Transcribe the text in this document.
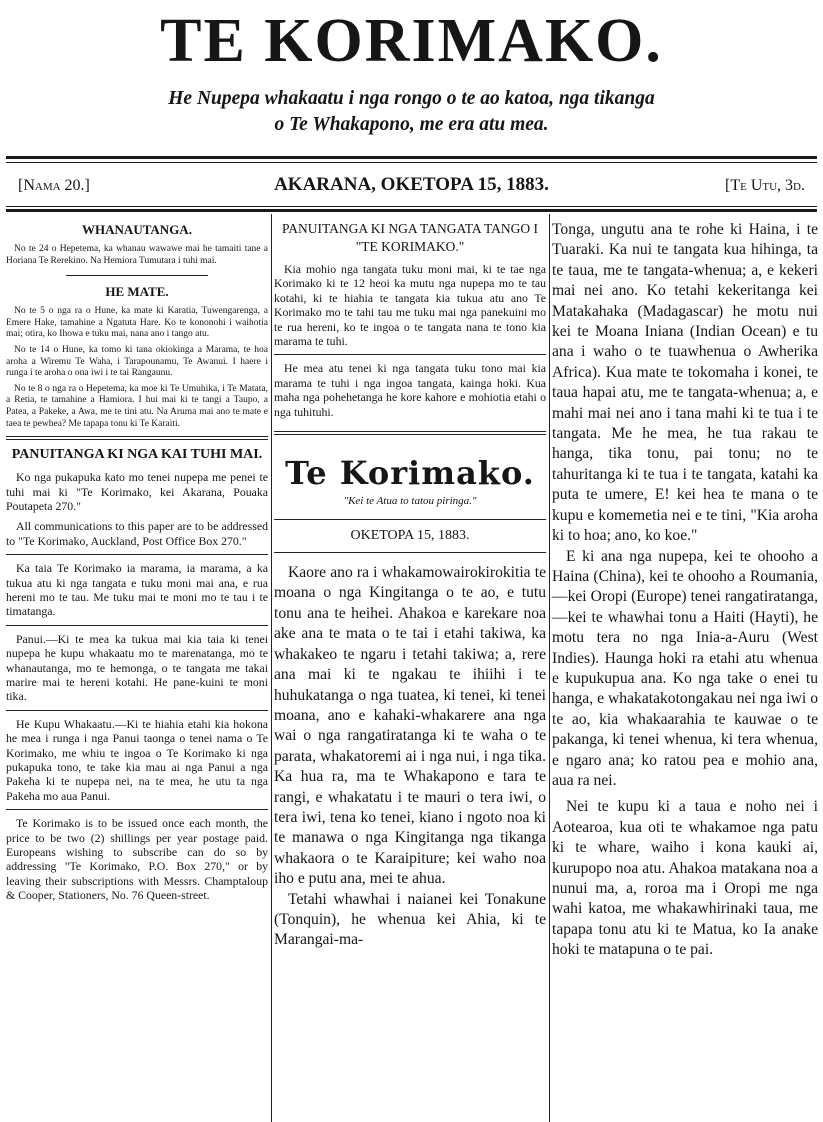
TE KORIMAKO.
He Nupepa whakaatu i nga rongo o te ao katoa, nga tikanga
o Te Whakapono, me era atu mea.
[Nama 20.]	AKARANA, OKETOPA 15, 1883.	[Te Utu, 3d.

WHANAUTANGA.

No te 24 o Hepetema, ka whanau wawawe mai he tamaiti tane a Horiana Te Rerekino. Na Hemiora Tumutara i tuhi mai.

HE MATE.

No te 5 o nga ra o Hune, ka mate ki Karatia, Tuwengarenga, a Emere Hake, tamahine a Ngatuta Hare. Ko te kononohi i waihotia mai; otira, ko Ihowa e tuku mai, nana ano i tango atu.

No te 14 o Hune, ka tomo ki tana okiokinga a Marama, te hoa aroha a Wiremu Te Waha, i Tarapounamu, Te Awanui. I haere i runga i te aroha o ona iwi i te tai Rangaunu.

No te 8 o nga ra o Hepetema, ka moe ki Te Umuhika, i Te Matata, a Retia, te tamahine a Hamiora. I hui mai ki te tangi a Taupo, a Patea, a Pakeke, a Awa, me te tini atu. Na Aruma mai ano te mate e taea te pewhea? Me tapapa tonu ki Te Karaiti.

PANUITANGA KI NGA KAI TUHI MAI.

Ko nga pukapuka kato mo tenei nupepa me penei te tuhi mai ki "Te Korimako, kei Akarana, Pouaka Poutapeta 270."

All communications to this paper are to be addressed to "Te Korimako, Auckland, Post Office Box 270."

Ka taia Te Korimako ia marama, ia marama, a ka tukua atu ki nga tangata e tuku moni mai ana, e rua hereni mo te tau. Me tuku mai te moni mo te tau i te timatanga.

Panui.—Ki te mea ka tukua mai kia taia ki tenei nupepa he kupu whakaatu mo te marenatanga, mo te whanautanga, mo te hemonga, o te tangata me takai marire mai te hereni kotahi. He pane-kuini te moni tika.

He Kupu Whakaatu.—Ki te hiahia etahi kia hokona he mea i runga i nga Panui taonga o tenei nama o Te Korimako, me whiu te ingoa o Te Korimako ki nga pukapuka tono, te take kia mau ai nga Panui a nga Pakeha ki te nupepa nei, na te mea, he utu ta nga Pakeha mo aua Panui.

Te Korimako is to be issued once each month, the price to be two (2) shillings per year postage paid. Europeans wishing to subscribe can do so by addressing "Te Korimako, P.O. Box 270," or by leaving their subscriptions with Messrs. Champtaloup & Cooper, Stationers, No. 76 Queen-street.

PANUITANGA KI NGA TANGATA TANGO I "TE KORIMAKO."

Kia mohio nga tangata tuku moni mai, ki te tae nga Korimako ki te 12 heoi ka mutu nga nupepa mo te tau kotahi, ki te hiahia te tangata kia tukua atu ano Te Korimako mo te tahi tau me tuku mai nga panekuini mo te rua hereni, ko te ingoa o te tangata nana te tono kia marama te tuhi.

He mea atu tenei ki nga tangata tuku tono mai kia marama te tuhi i nga ingoa tangata, kainga hoki. Kua maha nga pohehetanga he kore kahore e mohiotia etahi o nga tuhituhi.

Te Korimako.
"Kei te Atua to tatou piringa."
OKETOPA 15, 1883.

Kaore ano ra i whakamowairokirokitia te moana o nga Kingitanga o te ao, e tutu tonu ana te heihei. Ahakoa e karekare noa ake ana te mata o te tai i etahi takiwa, ka whakakeo te ngaru i tetahi takiwa; a, rere ana mai ki te ngakau te ihiihi i te huhukatanga o nga tuatea, ki tenei, ki tenei moana, ano e kahaki-whakarere ana nga wai o nga rangatiratanga ki te waha o te parata, whakatoremi ai i nga nui, i nga tika. Ka hua ra, ma te Whakapono e tara te rangi, e whakatatu i te mauri o tera iwi, o tera iwi, tena ko tenei, kiano i ngoto noa ki te manawa o nga Kingitanga nga tikanga whakaora o te Karaipiture; kei waho noa iho e putu ana, mei te ahua.

Tetahi whawhai i naianei kei Tonakune (Tonquin), he whenua kei Ahia, ki te Marangai-ma-

Tonga, ungutu ana te rohe ki Haina, i te Tuaraki. Ka nui te tangata kua hihinga, ta te taua, me te tangata-whenua; a, e kekeri mai nei ano. Ko tetahi kekeritanga kei Matakahaka (Madagascar) he motu nui kei te Moana Iniana (Indian Ocean) e tu ana i waho o te tuawhenua o Awherika Africa). Kua mate te tokomaha i konei, te taua hapai atu, me te tangata-whenua; a, e mahi mai nei ano i tana mahi ki te tua i te tangata. Me he mea, he tua rakau te hanga, tika tonu, pai tonu; no te tahuritanga ki te tua i te tangata, katahi ka puta te umere, E! kei hea te mana o te kupu e komemetia nei e te tini, "Kia aroha ki to hoa; ano, ko koe."

E ki ana nga nupepa, kei te ohooho a Haina (China), kei te ohooho a Roumania,—kei Oropi (Europe) tenei rangatiratanga,—kei te whawhai tonu a Haiti (Hayti), he motu tera no nga Inia-a-Auru (West Indies). Haunga hoki ra etahi atu whenua e kupukupua ana. Ko nga take o enei tu hanga, e whakatakotongakau nei nga iwi o te ao, kia whakaarahia te kauwae o te pakanga, ki tenei whenua, ki tera whenua, e ngaro ana; ko ratou pea e mohio ana, aua ra nei.

Nei te kupu ki a taua e noho nei i Aotearoa, kua oti te whakamoe nga patu ki te whare, waiho i kona kauki ai, kurupopo noa atu. Ahakoa matakana noa a nunui ma, a, roroa ma i Oropi me nga wahi katoa, me whakawhirinaki taua, me tapapa tonu atu ki te Matua, ko Ia anake hoki te matapuna o te pai.
